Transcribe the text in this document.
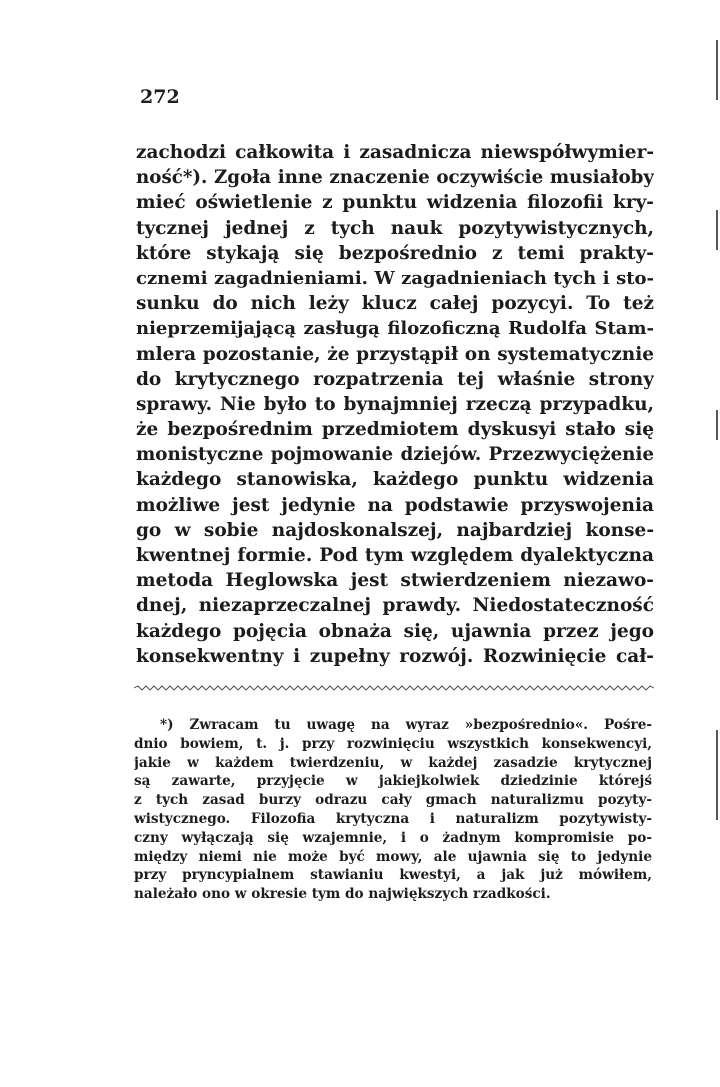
272
zachodzi całkowita i zasadnicza niewspółwymier-
ność*). Zgoła inne znaczenie oczywiście musiałoby
mieć oświetlenie z punktu widzenia filozofii kry-
tycznej jednej z tych nauk pozytywistycznych,
które stykają się bezpośrednio z temi prakty-
cznemi zagadnieniami. W zagadnieniach tych i sto-
sunku do nich leży klucz całej pozycyi. To też
nieprzemijającą zasługą filozoficzną Rudolfa Stam-
mlera pozostanie, że przystąpił on systematycznie
do krytycznego rozpatrzenia tej właśnie strony
sprawy. Nie było to bynajmniej rzeczą przypadku,
że bezpośrednim przedmiotem dyskusyi stało się
monistyczne pojmowanie dziejów. Przezwyciężenie
każdego stanowiska, każdego punktu widzenia
możliwe jest jedynie na podstawie przyswojenia
go w sobie najdoskonalszej, najbardziej konse-
kwentnej formie. Pod tym względem dyalektyczna
metoda Heglowska jest stwierdzeniem niezawo-
dnej, niezaprzeczalnej prawdy. Niedostateczność
każdego pojęcia obnaża się, ujawnia przez jego
konsekwentny i zupełny rozwój. Rozwinięcie cał-
*) Zwracam tu uwagę na wyraz »bezpośrednio«. Pośre-
dnio bowiem, t. j. przy rozwinięciu wszystkich konsekwencyi,
jakie w każdem twierdzeniu, w każdej zasadzie krytycznej
są zawarte, przyjęcie w jakiejkolwiek dziedzinie którejś
z tych zasad burzy odrazu cały gmach naturalizmu pozyty-
wistycznego. Filozofia krytyczna i naturalizm pozytywisty-
czny wyłączają się wzajemnie, i o żadnym kompromisie po-
między niemi nie może być mowy, ale ujawnia się to jedynie
przy pryncypialnem stawianiu kwestyi, a jak już mówiłem,
należało ono w okresie tym do największych rzadkości.
